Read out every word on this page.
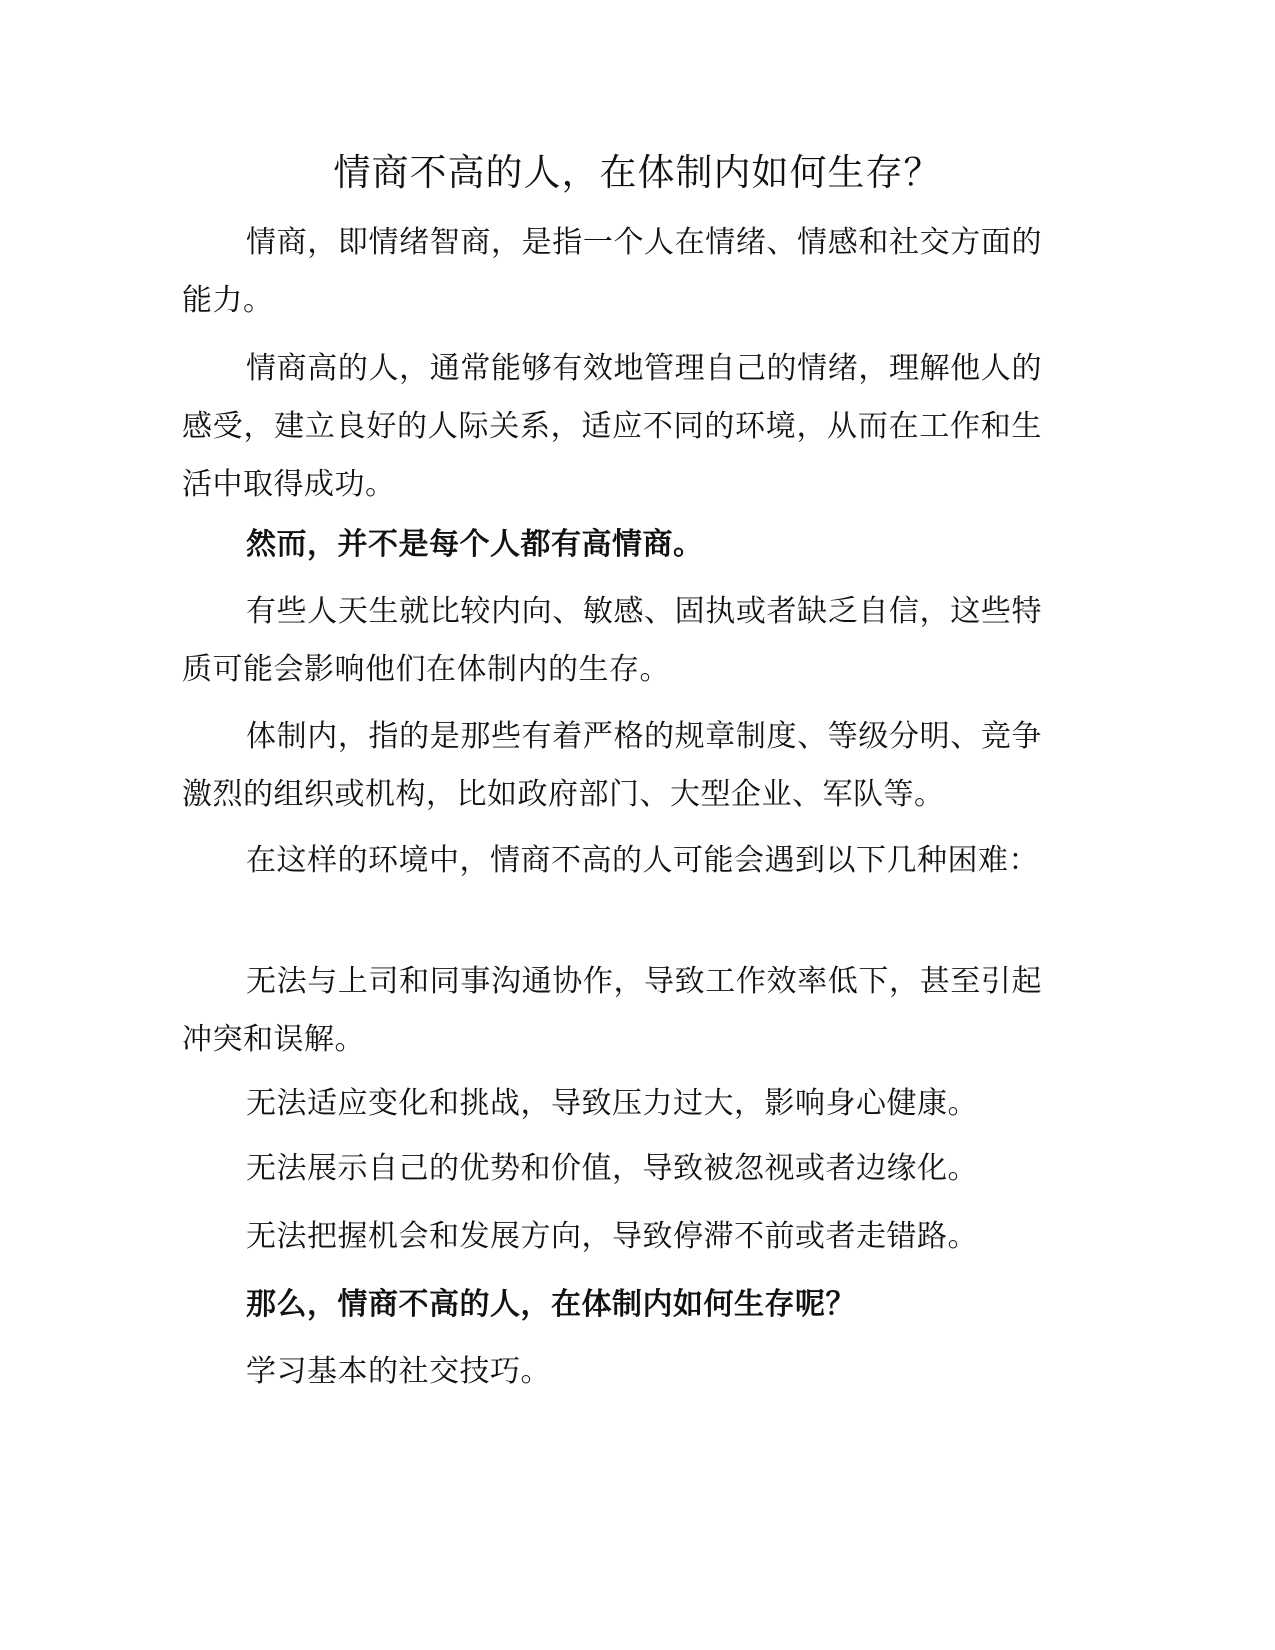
情商不高的人，在体制内如何生存？

情商，即情绪智商，是指一个人在情绪、情感和社交方面的能力。

情商高的人，通常能够有效地管理自己的情绪，理解他人的感受，建立良好的人际关系，适应不同的环境，从而在工作和生活中取得成功。

然而，并不是每个人都有高情商。

有些人天生就比较内向、敏感、固执或者缺乏自信，这些特质可能会影响他们在体制内的生存。

体制内，指的是那些有着严格的规章制度、等级分明、竞争激烈的组织或机构，比如政府部门、大型企业、军队等。

在这样的环境中，情商不高的人可能会遇到以下几种困难：

无法与上司和同事沟通协作，导致工作效率低下，甚至引起冲突和误解。

无法适应变化和挑战，导致压力过大，影响身心健康。

无法展示自己的优势和价值，导致被忽视或者边缘化。

无法把握机会和发展方向，导致停滞不前或者走错路。

那么，情商不高的人，在体制内如何生存呢？

学习基本的社交技巧。
